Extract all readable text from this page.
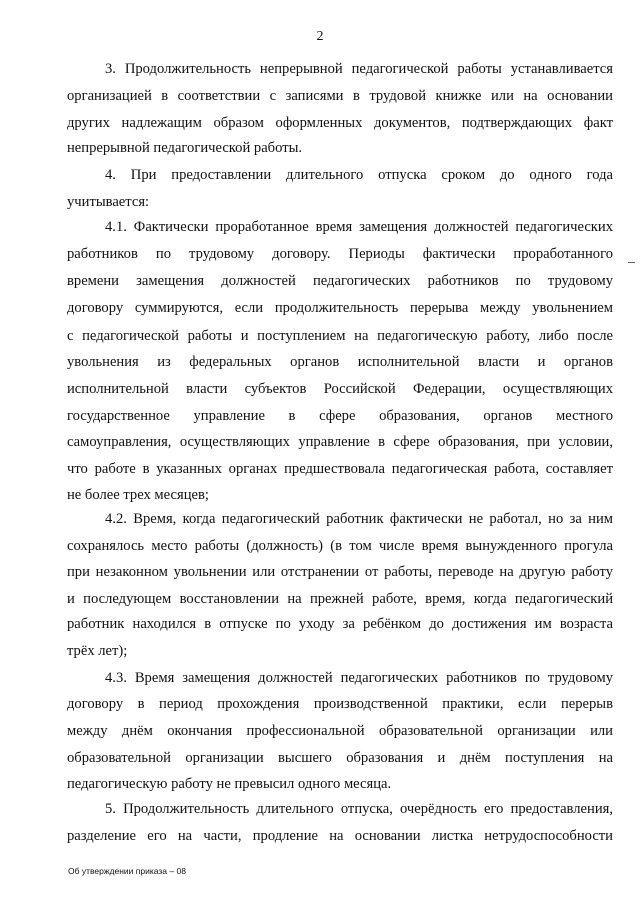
2
3. Продолжительность непрерывной педагогической работы устанавливается
организацией в соответствии с записями в трудовой книжке или на основании
других надлежащим образом оформленных документов, подтверждающих факт
непрерывной педагогической работы.
4. При предоставлении длительного отпуска сроком до одного года
учитывается:
4.1. Фактически проработанное время замещения должностей педагогических
работников по трудовому договору. Периоды фактически проработанного
времени замещения должностей педагогических работников по трудовому
договору суммируются, если продолжительность перерыва между увольнением
с педагогической работы и поступлением на педагогическую работу, либо после
увольнения из федеральных органов исполнительной власти и органов
исполнительной власти субъектов Российской Федерации, осуществляющих
государственное управление в сфере образования, органов местного
самоуправления, осуществляющих управление в сфере образования, при условии,
что работе в указанных органах предшествовала педагогическая работа, составляет
не более трех месяцев;
4.2. Время, когда педагогический работник фактически не работал, но за ним
сохранялось место работы (должность) (в том числе время вынужденного прогула
при незаконном увольнении или отстранении от работы, переводе на другую работу
и последующем восстановлении на прежней работе, время, когда педагогический
работник находился в отпуске по уходу за ребёнком до достижения им возраста
трёх лет);
4.3. Время замещения должностей педагогических работников по трудовому
договору в период прохождения производственной практики, если перерыв
между днём окончания профессиональной образовательной организации или
образовательной организации высшего образования и днём поступления на
педагогическую работу не превысил одного месяца.
5. Продолжительность длительного отпуска, очерёдность его предоставления,
разделение его на части, продление на основании листка нетрудоспособности
Об утверждении приказа – 08
